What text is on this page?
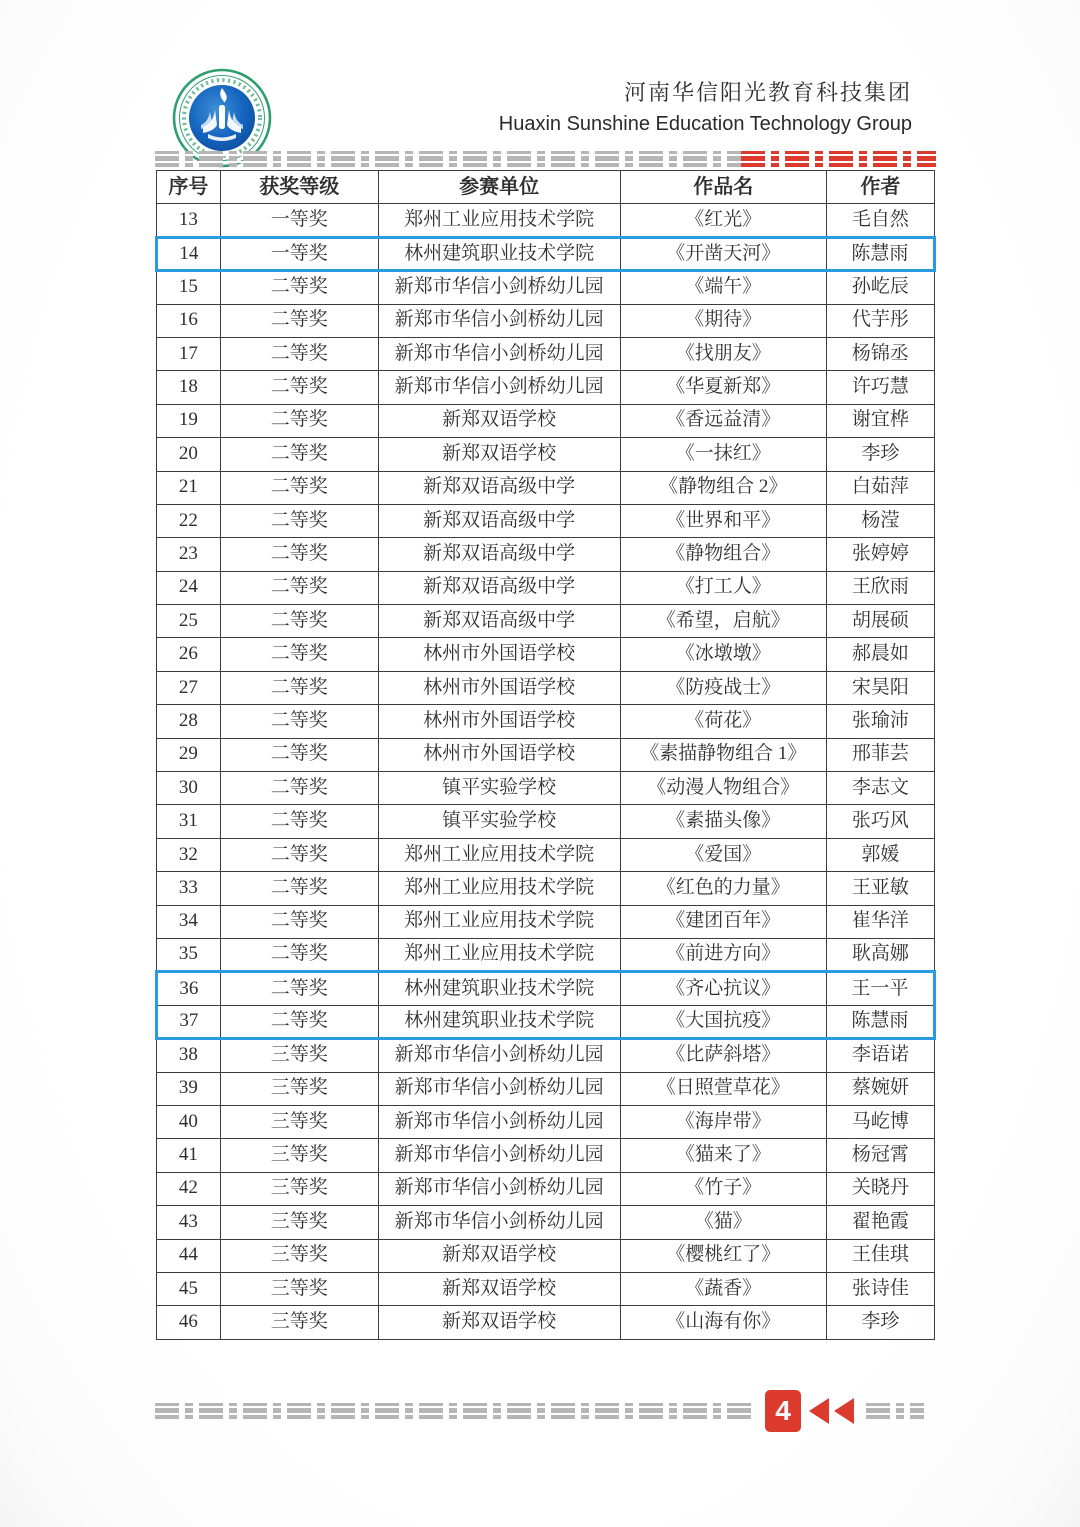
河南华信阳光教育科技集团
Huaxin Sunshine Education Technology Group
序号	获奖等级	参赛单位	作品名	作者
13	一等奖	郑州工业应用技术学院	《红光》	毛自然
14	一等奖	林州建筑职业技术学院	《开凿天河》	陈慧雨
15	二等奖	新郑市华信小剑桥幼儿园	《端午》	孙屹辰
16	二等奖	新郑市华信小剑桥幼儿园	《期待》	代芋彤
17	二等奖	新郑市华信小剑桥幼儿园	《找朋友》	杨锦丞
18	二等奖	新郑市华信小剑桥幼儿园	《华夏新郑》	许巧慧
19	二等奖	新郑双语学校	《香远益清》	谢宜桦
20	二等奖	新郑双语学校	《一抹红》	李珍
21	二等奖	新郑双语高级中学	《静物组合 2》	白茹萍
22	二等奖	新郑双语高级中学	《世界和平》	杨滢
23	二等奖	新郑双语高级中学	《静物组合》	张婷婷
24	二等奖	新郑双语高级中学	《打工人》	王欣雨
25	二等奖	新郑双语高级中学	《希望，启航》	胡展硕
26	二等奖	林州市外国语学校	《冰墩墩》	郝晨如
27	二等奖	林州市外国语学校	《防疫战士》	宋昊阳
28	二等奖	林州市外国语学校	《荷花》	张瑜沛
29	二等奖	林州市外国语学校	《素描静物组合 1》	邢菲芸
30	二等奖	镇平实验学校	《动漫人物组合》	李志文
31	二等奖	镇平实验学校	《素描头像》	张巧风
32	二等奖	郑州工业应用技术学院	《爱国》	郭媛
33	二等奖	郑州工业应用技术学院	《红色的力量》	王亚敏
34	二等奖	郑州工业应用技术学院	《建团百年》	崔华洋
35	二等奖	郑州工业应用技术学院	《前进方向》	耿高娜
36	二等奖	林州建筑职业技术学院	《齐心抗议》	王一平
37	二等奖	林州建筑职业技术学院	《大国抗疫》	陈慧雨
38	三等奖	新郑市华信小剑桥幼儿园	《比萨斜塔》	李语诺
39	三等奖	新郑市华信小剑桥幼儿园	《日照萱草花》	蔡婉妍
40	三等奖	新郑市华信小剑桥幼儿园	《海岸带》	马屹博
41	三等奖	新郑市华信小剑桥幼儿园	《猫来了》	杨冠霄
42	三等奖	新郑市华信小剑桥幼儿园	《竹子》	关晓丹
43	三等奖	新郑市华信小剑桥幼儿园	《猫》	翟艳霞
44	三等奖	新郑双语学校	《樱桃红了》	王佳琪
45	三等奖	新郑双语学校	《蔬香》	张诗佳
46	三等奖	新郑双语学校	《山海有你》	李珍
4
